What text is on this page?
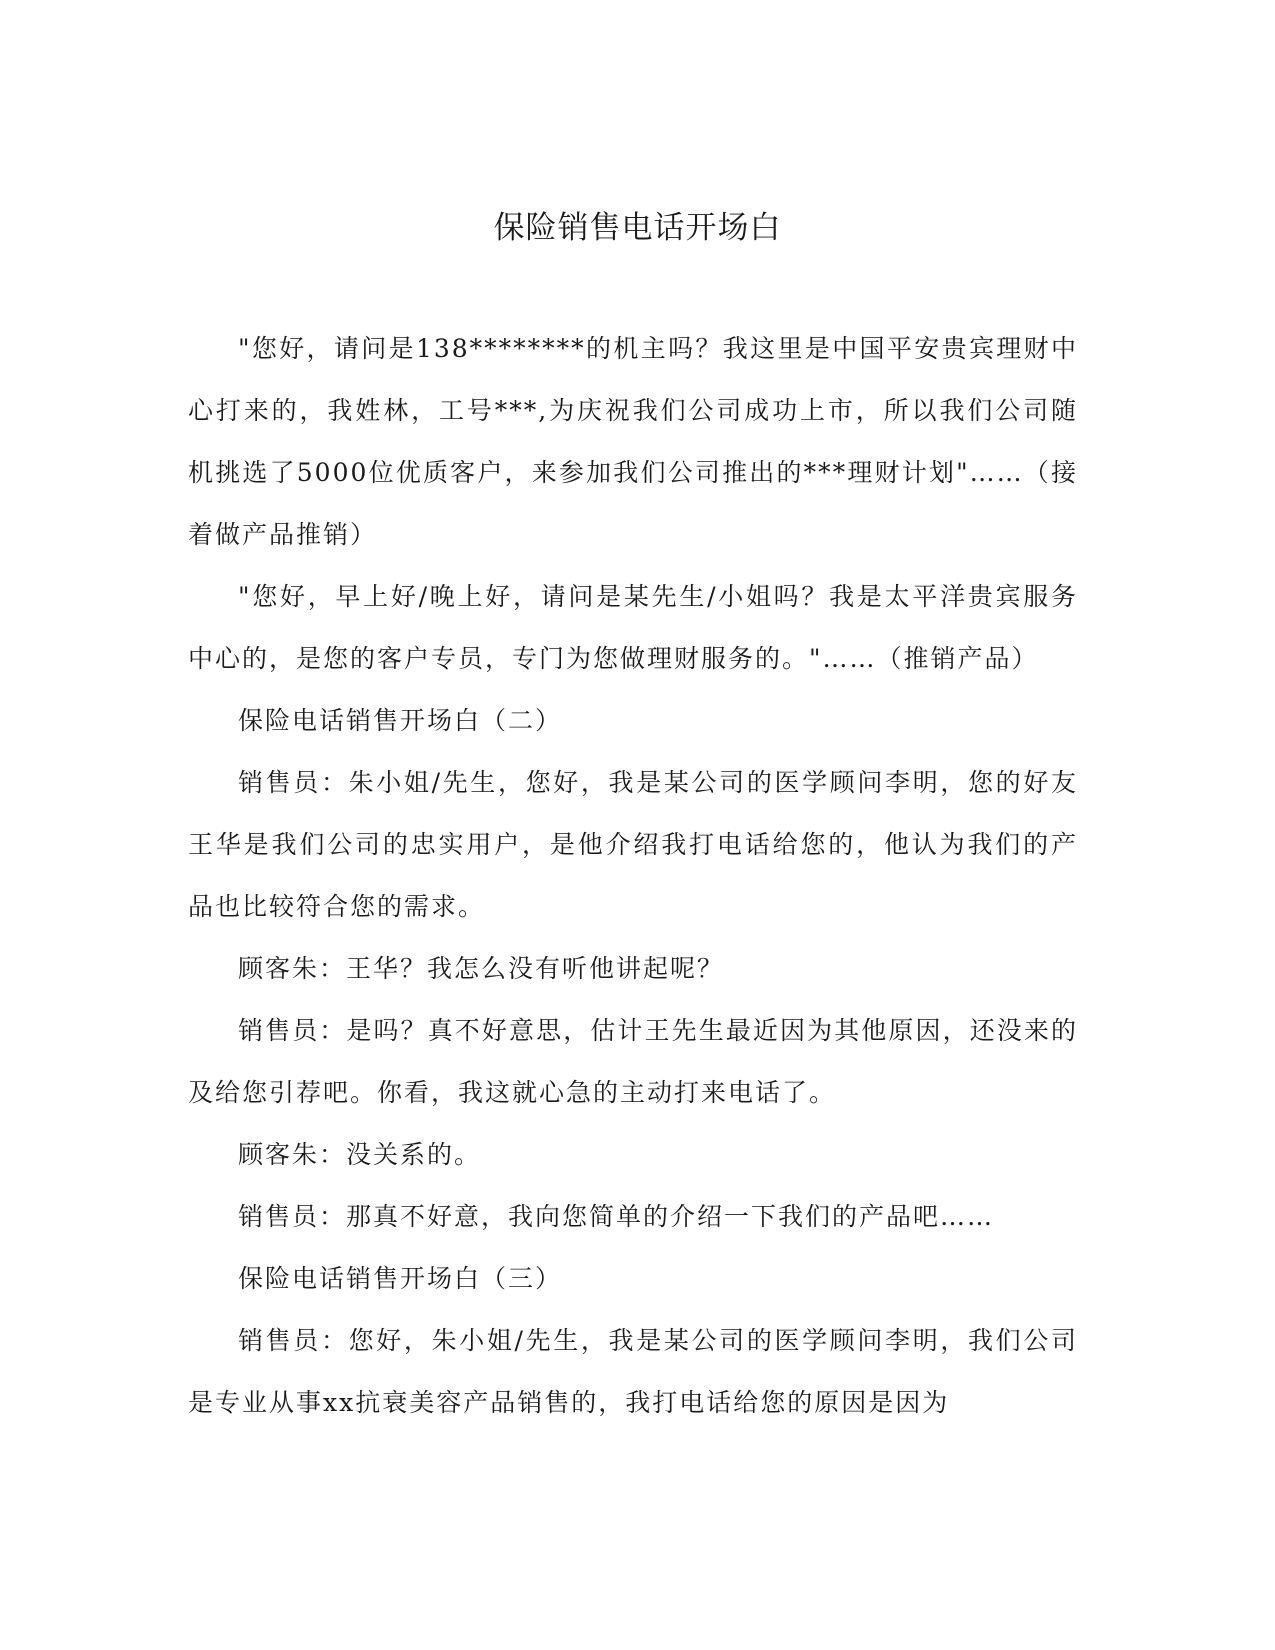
保险销售电话开场白

"您好，请问是138********的机主吗？我这里是中国平安贵宾理财中心打来的，我姓林，工号***,为庆祝我们公司成功上市，所以我们公司随机挑选了5000位优质客户，来参加我们公司推出的***理财计划"……（接着做产品推销）

"您好，早上好/晚上好，请问是某先生/小姐吗？我是太平洋贵宾服务中心的，是您的客户专员，专门为您做理财服务的。"……（推销产品）

保险电话销售开场白（二）

销售员：朱小姐/先生，您好，我是某公司的医学顾问李明，您的好友王华是我们公司的忠实用户，是他介绍我打电话给您的，他认为我们的产品也比较符合您的需求。

顾客朱：王华？我怎么没有听他讲起呢？

销售员：是吗？真不好意思，估计王先生最近因为其他原因，还没来的及给您引荐吧。你看，我这就心急的主动打来电话了。

顾客朱：没关系的。

销售员：那真不好意，我向您简单的介绍一下我们的产品吧……

保险电话销售开场白（三）

销售员：您好，朱小姐/先生，我是某公司的医学顾问李明，我们公司是专业从事xx抗衰美容产品销售的，我打电话给您的原因是因为
